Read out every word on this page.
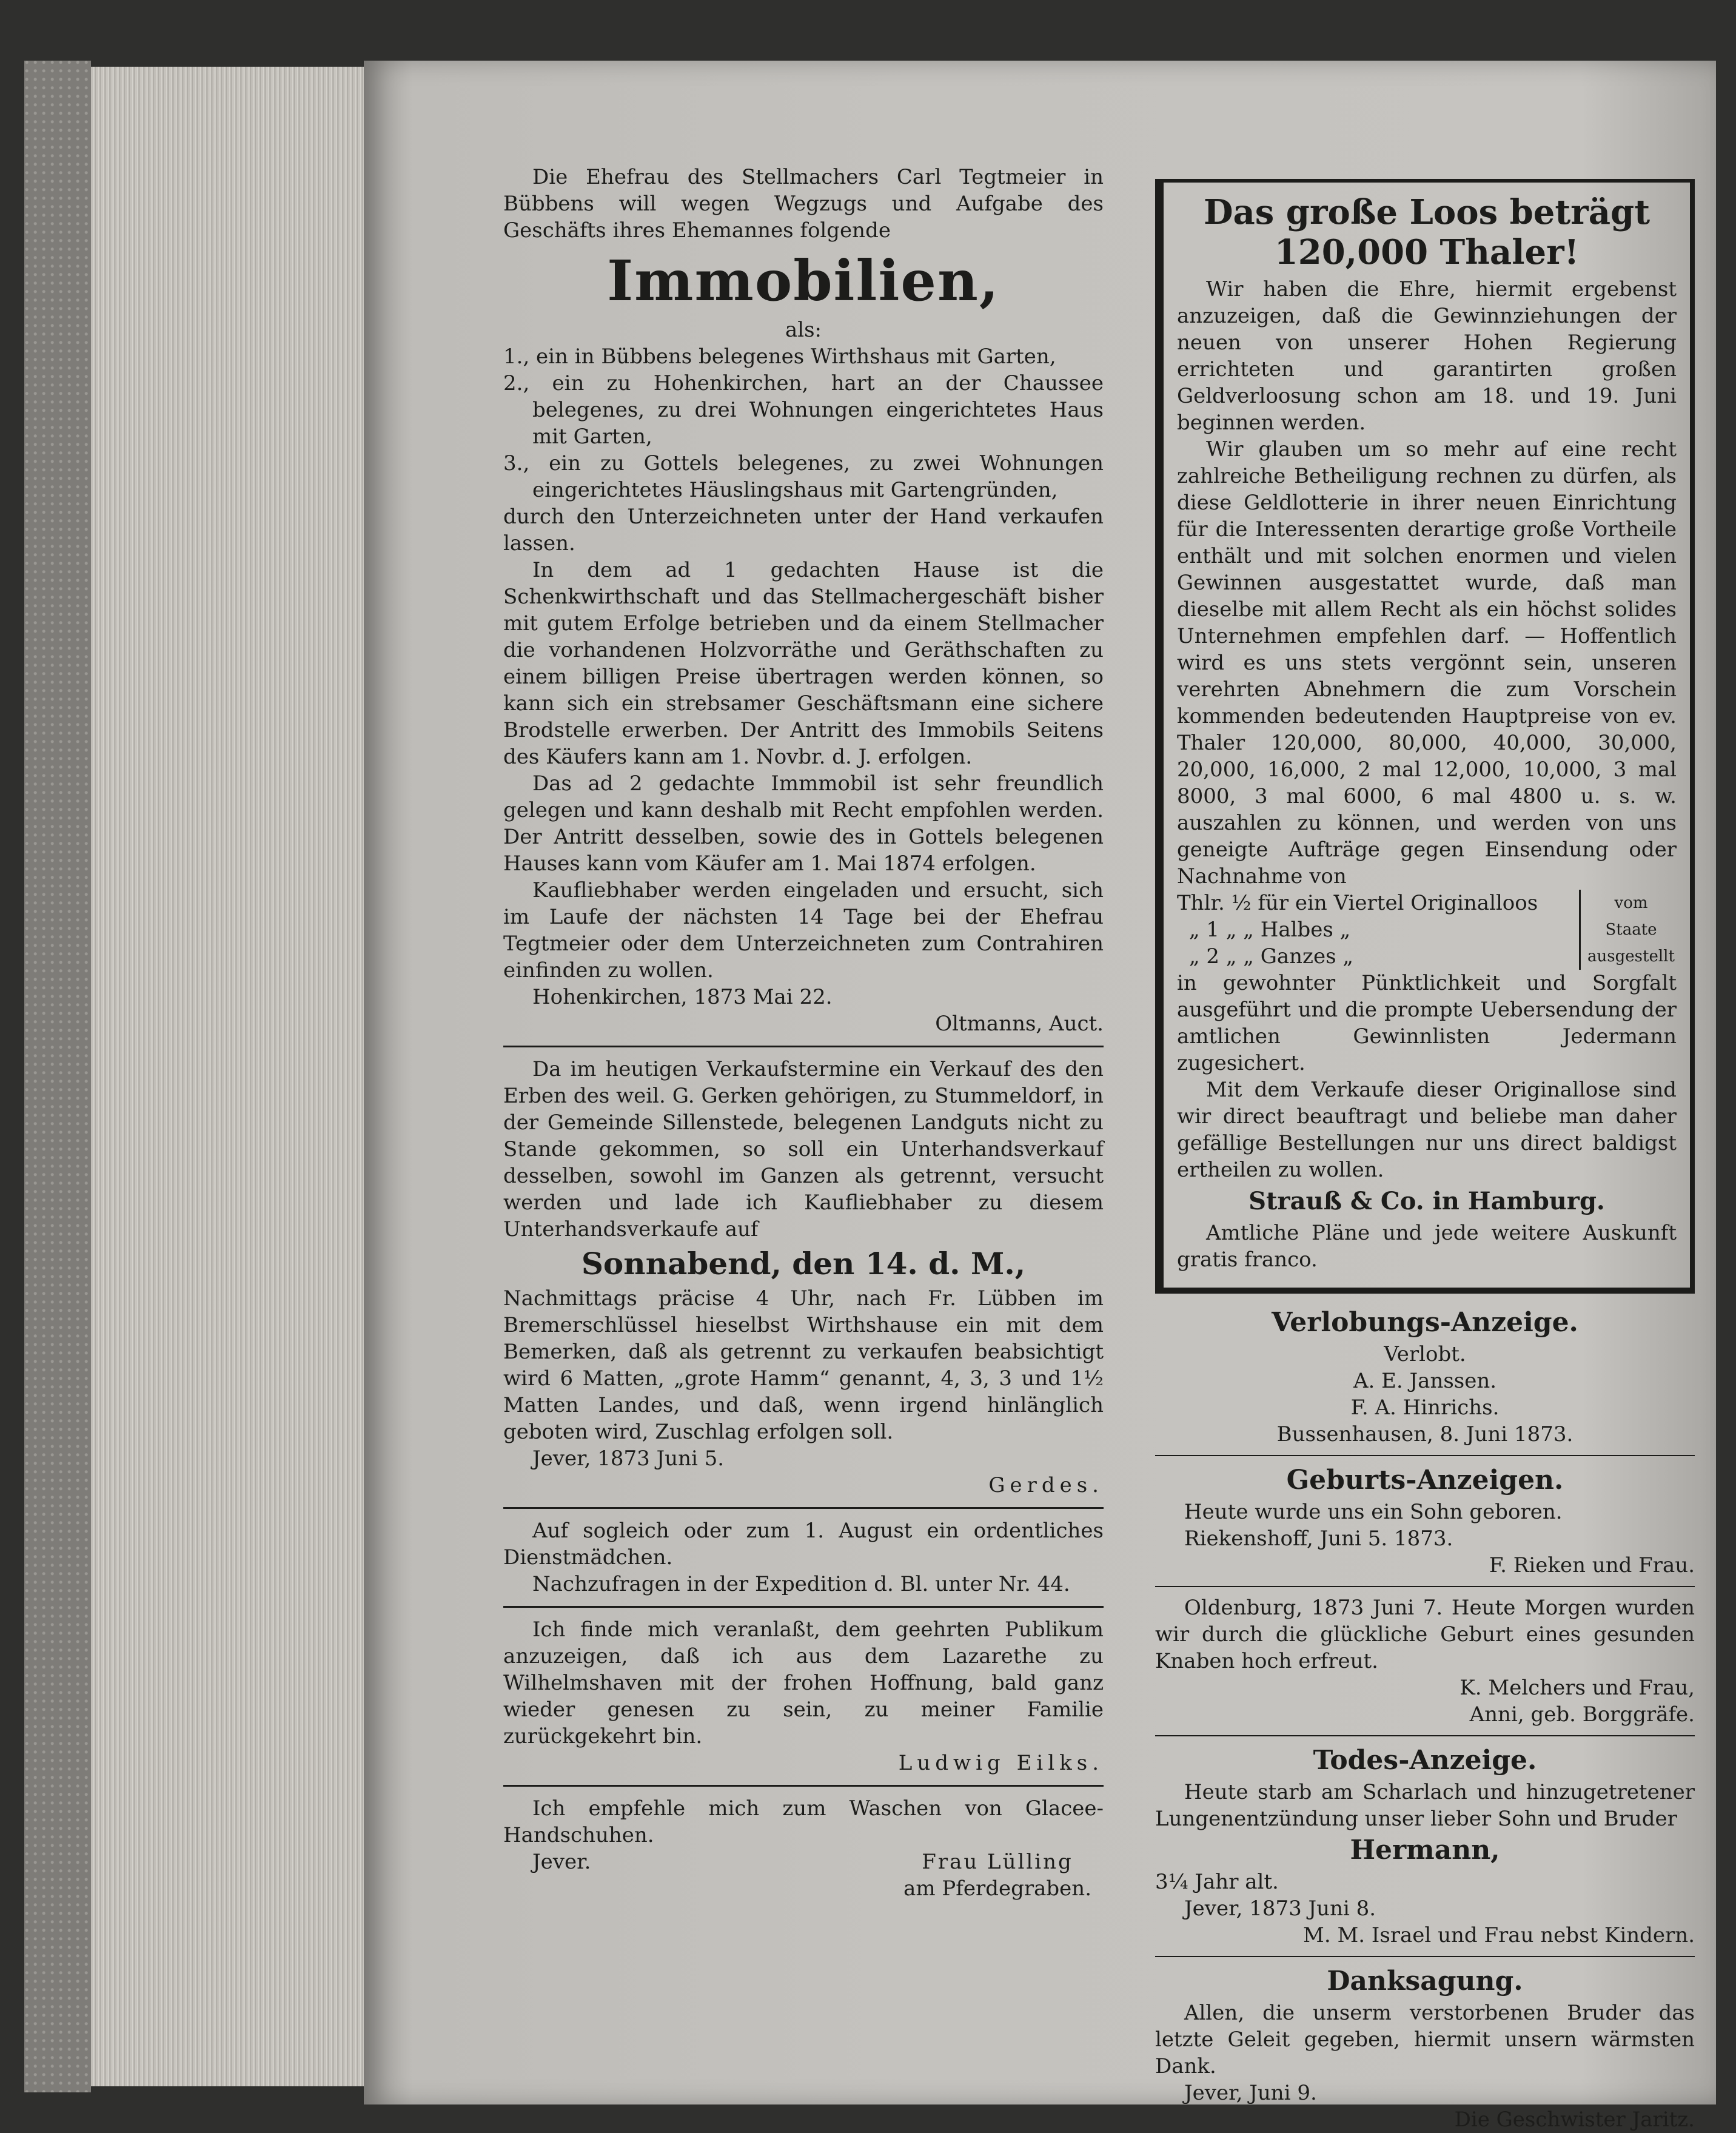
Die Ehefrau des Stellmachers Carl Tegtmeier in Bübbens will wegen Wegzugs und Aufgabe des Geschäfts ihres Ehemannes folgende

Immobilien,
als:

1., ein in Bübbens belegenes Wirthshaus mit Garten,

2., ein zu Hohenkirchen, hart an der Chaussee belegenes, zu drei Wohnungen eingerichtetes Haus mit Garten,

3., ein zu Gottels belegenes, zu zwei Wohnungen eingerichtetes Häuslingshaus mit Gartengründen,

durch den Unterzeichneten unter der Hand verkaufen lassen.

In dem ad 1 gedachten Hause ist die Schenkwirthschaft und das Stellmachergeschäft bisher mit gutem Erfolge betrieben und da einem Stellmacher die vorhandenen Holzvorräthe und Geräthschaften zu einem billigen Preise übertragen werden können, so kann sich ein strebsamer Geschäftsmann eine sichere Brodstelle erwerben. Der Antritt des Immobils Seitens des Käufers kann am 1. Novbr. d. J. erfolgen.

Das ad 2 gedachte Immmobil ist sehr freundlich gelegen und kann deshalb mit Recht empfohlen werden. Der Antritt desselben, sowie des in Gottels belegenen Hauses kann vom Käufer am 1. Mai 1874 erfolgen.

Kaufliebhaber werden eingeladen und ersucht, sich im Laufe der nächsten 14 Tage bei der Ehefrau Tegtmeier oder dem Unterzeichneten zum Contrahiren einfinden zu wollen.

Hohenkirchen, 1873 Mai 22.

Oltmanns, Auct.

Da im heutigen Verkaufstermine ein Verkauf des den Erben des weil. G. Gerken gehörigen, zu Stummeldorf, in der Gemeinde Sillenstede, belegenen Landguts nicht zu Stande gekommen, so soll ein Unterhandsverkauf desselben, sowohl im Ganzen als getrennt, versucht werden und lade ich Kaufliebhaber zu diesem Unterhandsverkaufe auf

Sonnabend, den 14. d. M.,

Nachmittags präcise 4 Uhr, nach Fr. Lübben im Bremerschlüssel hieselbst Wirthshause ein mit dem Bemerken, daß als getrennt zu verkaufen beabsichtigt wird 6 Matten, „grote Hamm“ genannt, 4, 3, 3 und 1½ Matten Landes, und daß, wenn irgend hinlänglich geboten wird, Zuschlag erfolgen soll.

Jever, 1873 Juni 5.

Gerdes.

Auf sogleich oder zum 1. August ein ordentliches Dienstmädchen.

Nachzufragen in der Expedition d. Bl. unter Nr. 44.

Ich finde mich veranlaßt, dem geehrten Publikum anzuzeigen, daß ich aus dem Lazarethe zu Wilhelmshaven mit der frohen Hoffnung, bald ganz wieder genesen zu sein, zu meiner Familie zurückgekehrt bin.

Ludwig Eilks.

Ich empfehle mich zum Waschen von Glacee-Handschuhen.

Jever.	Frau Lülling
am Pferdegraben.
Das große Loos beträgt
120,000 Thaler!

Wir haben die Ehre, hiermit ergebenst anzuzeigen, daß die Gewinnziehungen der neuen von unserer Hohen Regierung errichteten und garantirten großen Geldverloosung schon am 18. und 19. Juni beginnen werden.

Wir glauben um so mehr auf eine recht zahlreiche Betheiligung rechnen zu dürfen, als diese Geldlotterie in ihrer neuen Einrichtung für die Interessenten derartige große Vortheile enthält und mit solchen enormen und vielen Gewinnen ausgestattet wurde, daß man dieselbe mit allem Recht als ein höchst solides Unternehmen empfehlen darf. — Hoffentlich wird es uns stets vergönnt sein, unseren verehrten Abnehmern die zum Vorschein kommenden bedeutenden Hauptpreise von ev. Thaler 120,000, 80,000, 40,000, 30,000, 20,000, 16,000, 2 mal 12,000, 10,000, 3 mal 8000, 3 mal 6000, 6 mal 4800 u. s. w. auszahlen zu können, und werden von uns geneigte Aufträge gegen Einsendung oder Nachnahme von

Thlr. ½ für ein Viertel Originalloos
„ 1 „ „ Halbes „
„ 2 „ „ Ganzes „
vom
Staate
ausgestellt

in gewohnter Pünktlichkeit und Sorgfalt ausgeführt und die prompte Uebersendung der amtlichen Gewinnlisten Jedermann zugesichert.

Mit dem Verkaufe dieser Originallose sind wir direct beauftragt und beliebe man daher gefällige Bestellungen nur uns direct baldigst ertheilen zu wollen.

Strauß & Co. in Hamburg.

Amtliche Pläne und jede weitere Auskunft gratis franco.

Verlobungs-Anzeige.
Verlobt.
A. E. Janssen.
F. A. Hinrichs.
Bussenhausen, 8. Juni 1873.
Geburts-Anzeigen.

Heute wurde uns ein Sohn geboren.

Riekenshoff, Juni 5. 1873.

F. Rieken und Frau.

Oldenburg, 1873 Juni 7. Heute Morgen wurden wir durch die glückliche Geburt eines gesunden Knaben hoch erfreut.

K. Melchers und Frau,

Anni, geb. Borggräfe.

Todes-Anzeige.

Heute starb am Scharlach und hinzugetretener Lungenentzündung unser lieber Sohn und Bruder

Hermann,

3¼ Jahr alt.

Jever, 1873 Juni 8.

M. M. Israel und Frau nebst Kindern.

Danksagung.

Allen, die unserm verstorbenen Bruder das letzte Geleit gegeben, hiermit unsern wärmsten Dank.

Jever, Juni 9.

Die Geschwister Jaritz.
